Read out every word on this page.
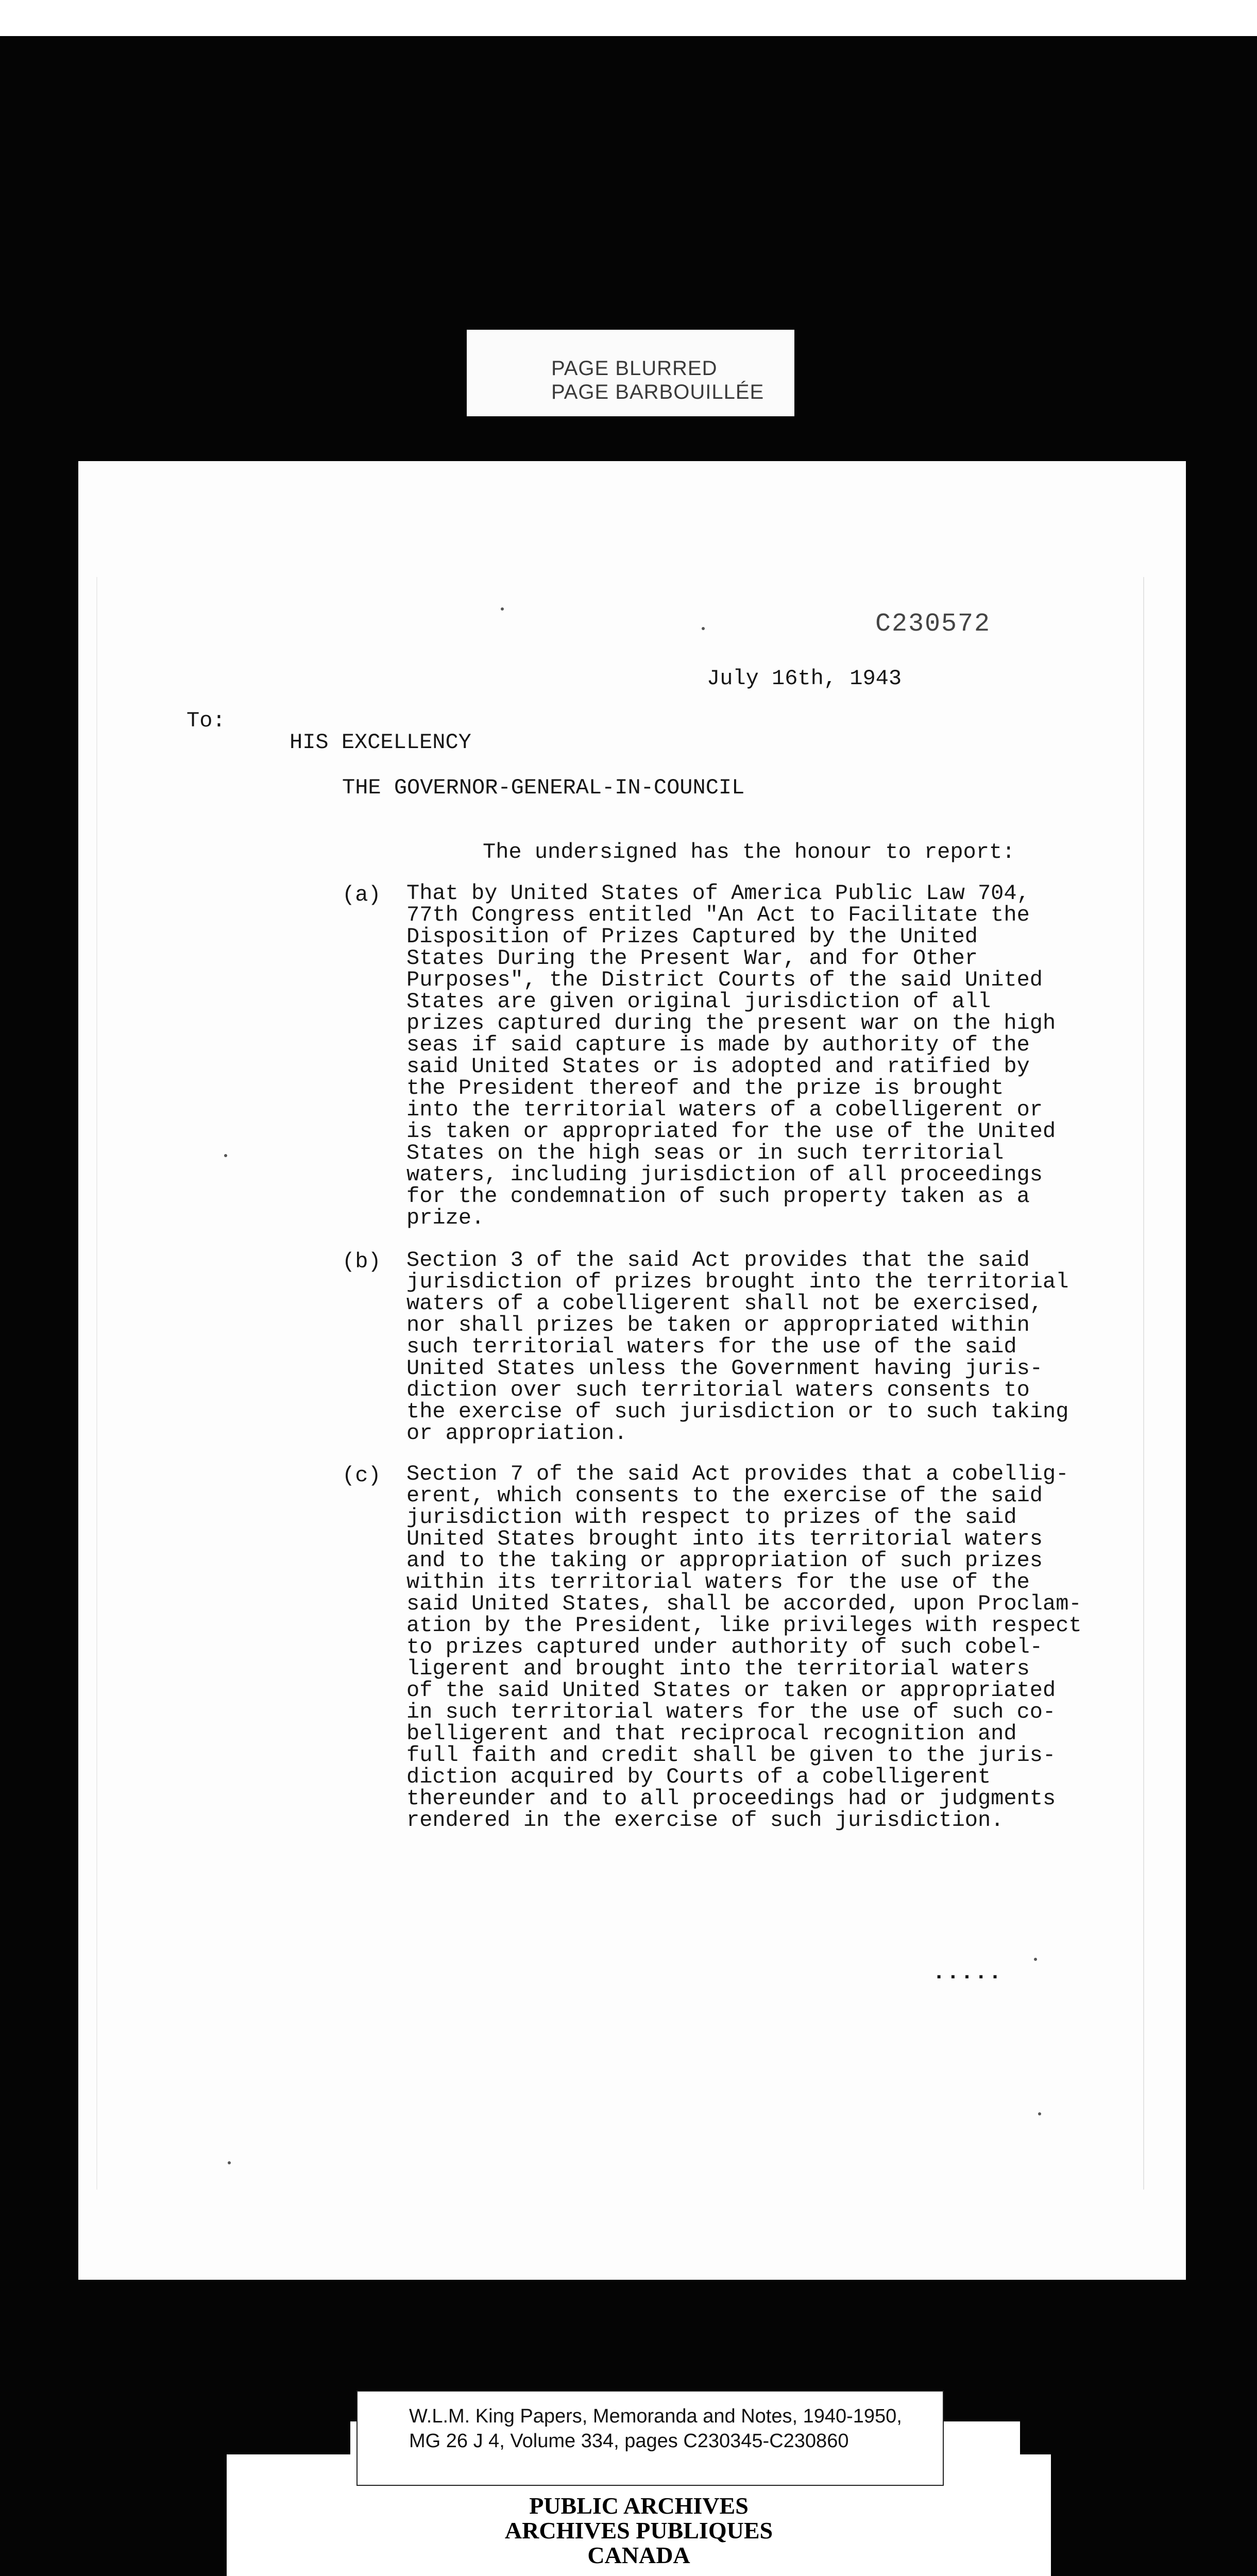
PAGE BLURRED
PAGE BARBOUILLÉE
C230572
July 16th, 1943
To:
HIS EXCELLENCY
THE GOVERNOR-GENERAL-IN-COUNCIL
The undersigned has the honour to report:
(a) That by United States of America Public Law 704,
77th Congress entitled "An Act to Facilitate the
Disposition of Prizes Captured by the United
States During the Present War, and for Other
Purposes", the District Courts of the said United
States are given original jurisdiction of all
prizes captured during the present war on the high
seas if said capture is made by authority of the
said United States or is adopted and ratified by
the President thereof and the prize is brought
into the territorial waters of a cobelligerent or
is taken or appropriated for the use of the United
States on the high seas or in such territorial
waters, including jurisdiction of all proceedings
for the condemnation of such property taken as a
prize.
(b) Section 3 of the said Act provides that the said
jurisdiction of prizes brought into the territorial
waters of a cobelligerent shall not be exercised,
nor shall prizes be taken or appropriated within
such territorial waters for the use of the said
United States unless the Government having juris-
diction over such territorial waters consents to
the exercise of such jurisdiction or to such taking
or appropriation.
(c) Section 7 of the said Act provides that a cobellig-
erent, which consents to the exercise of the said
jurisdiction with respect to prizes of the said
United States brought into its territorial waters
and to the taking or appropriation of such prizes
within its territorial waters for the use of the
said United States, shall be accorded, upon Proclam-
ation by the President, like privileges with respect
to prizes captured under authority of such cobel-
ligerent and brought into the territorial waters
of the said United States or taken or appropriated
in such territorial waters for the use of such co-
belligerent and that reciprocal recognition and
full faith and credit shall be given to the juris-
diction acquired by Courts of a cobelligerent
thereunder and to all proceedings had or judgments
rendered in the exercise of such jurisdiction.
.....
W.L.M. King Papers, Memoranda and Notes, 1940-1950,
MG 26 J 4, Volume 334, pages C230345-C230860
PUBLIC ARCHIVES
ARCHIVES PUBLIQUES
CANADA
